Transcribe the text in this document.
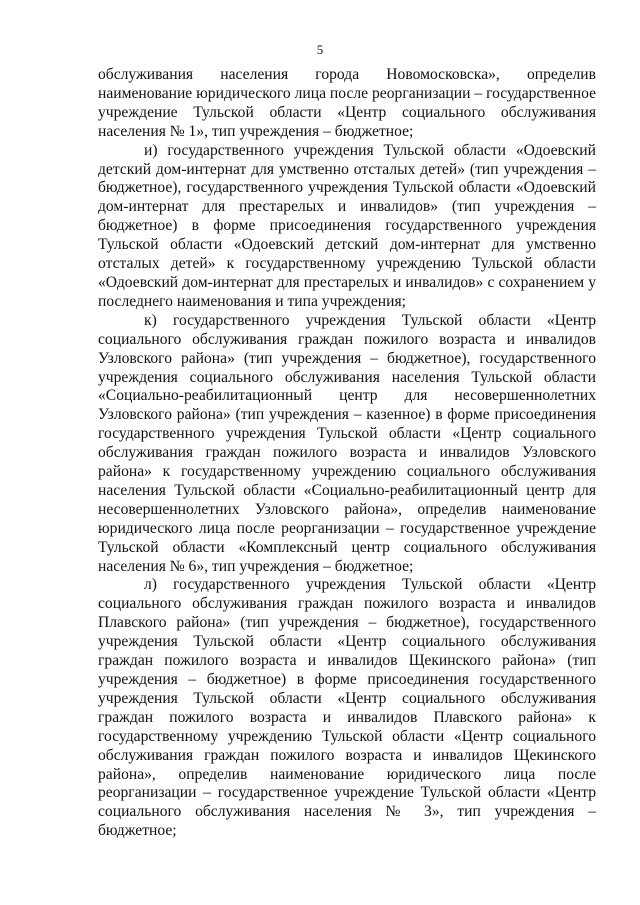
5

обслуживания населения города Новомосковска», определив наименование юридического лица после реорганизации – государственное учреждение Тульской области «Центр социального обслуживания населения № 1», тип учреждения – бюджетное;

и) государственного учреждения Тульской области «Одоевский детский дом-интернат для умственно отсталых детей» (тип учреждения – бюджетное), государственного учреждения Тульской области «Одоевский дом-интернат для престарелых и инвалидов» (тип учреждения – бюджетное) в форме присоединения государственного учреждения Тульской области «Одоевский детский дом-интернат для умственно отсталых детей» к государственному учреждению Тульской области «Одоевский дом-интернат для престарелых и инвалидов» с сохранением у последнего наименования и типа учреждения;

к) государственного учреждения Тульской области «Центр социального обслуживания граждан пожилого возраста и инвалидов Узловского района» (тип учреждения – бюджетное), государственного учреждения социального обслуживания населения Тульской области «Социально-реабилитационный центр для несовершеннолетних Узловского района» (тип учреждения – казенное) в форме присоединения государственного учреждения Тульской области «Центр социального обслуживания граждан пожилого возраста и инвалидов Узловского района» к государственному учреждению социального обслуживания населения Тульской области «Социально-реабилитационный центр для несовершеннолетних Узловского района», определив наименование юридического лица после реорганизации – государственное учреждение Тульской области «Комплексный центр социального обслуживания населения № 6», тип учреждения – бюджетное;

л) государственного учреждения Тульской области «Центр социального обслуживания граждан пожилого возраста и инвалидов Плавского района» (тип учреждения – бюджетное), государственного учреждения Тульской области «Центр социального обслуживания граждан пожилого возраста и инвалидов Щекинского района» (тип учреждения – бюджетное) в форме присоединения государственного учреждения Тульской области «Центр социального обслуживания граждан пожилого возраста и инвалидов Плавского района» к государственному учреждению Тульской области «Центр социального обслуживания граждан пожилого возраста и инвалидов Щекинского района», определив наименование юридического лица после реорганизации – государственное учреждение Тульской области «Центр социального обслуживания населения № 3», тип учреждения – бюджетное;
